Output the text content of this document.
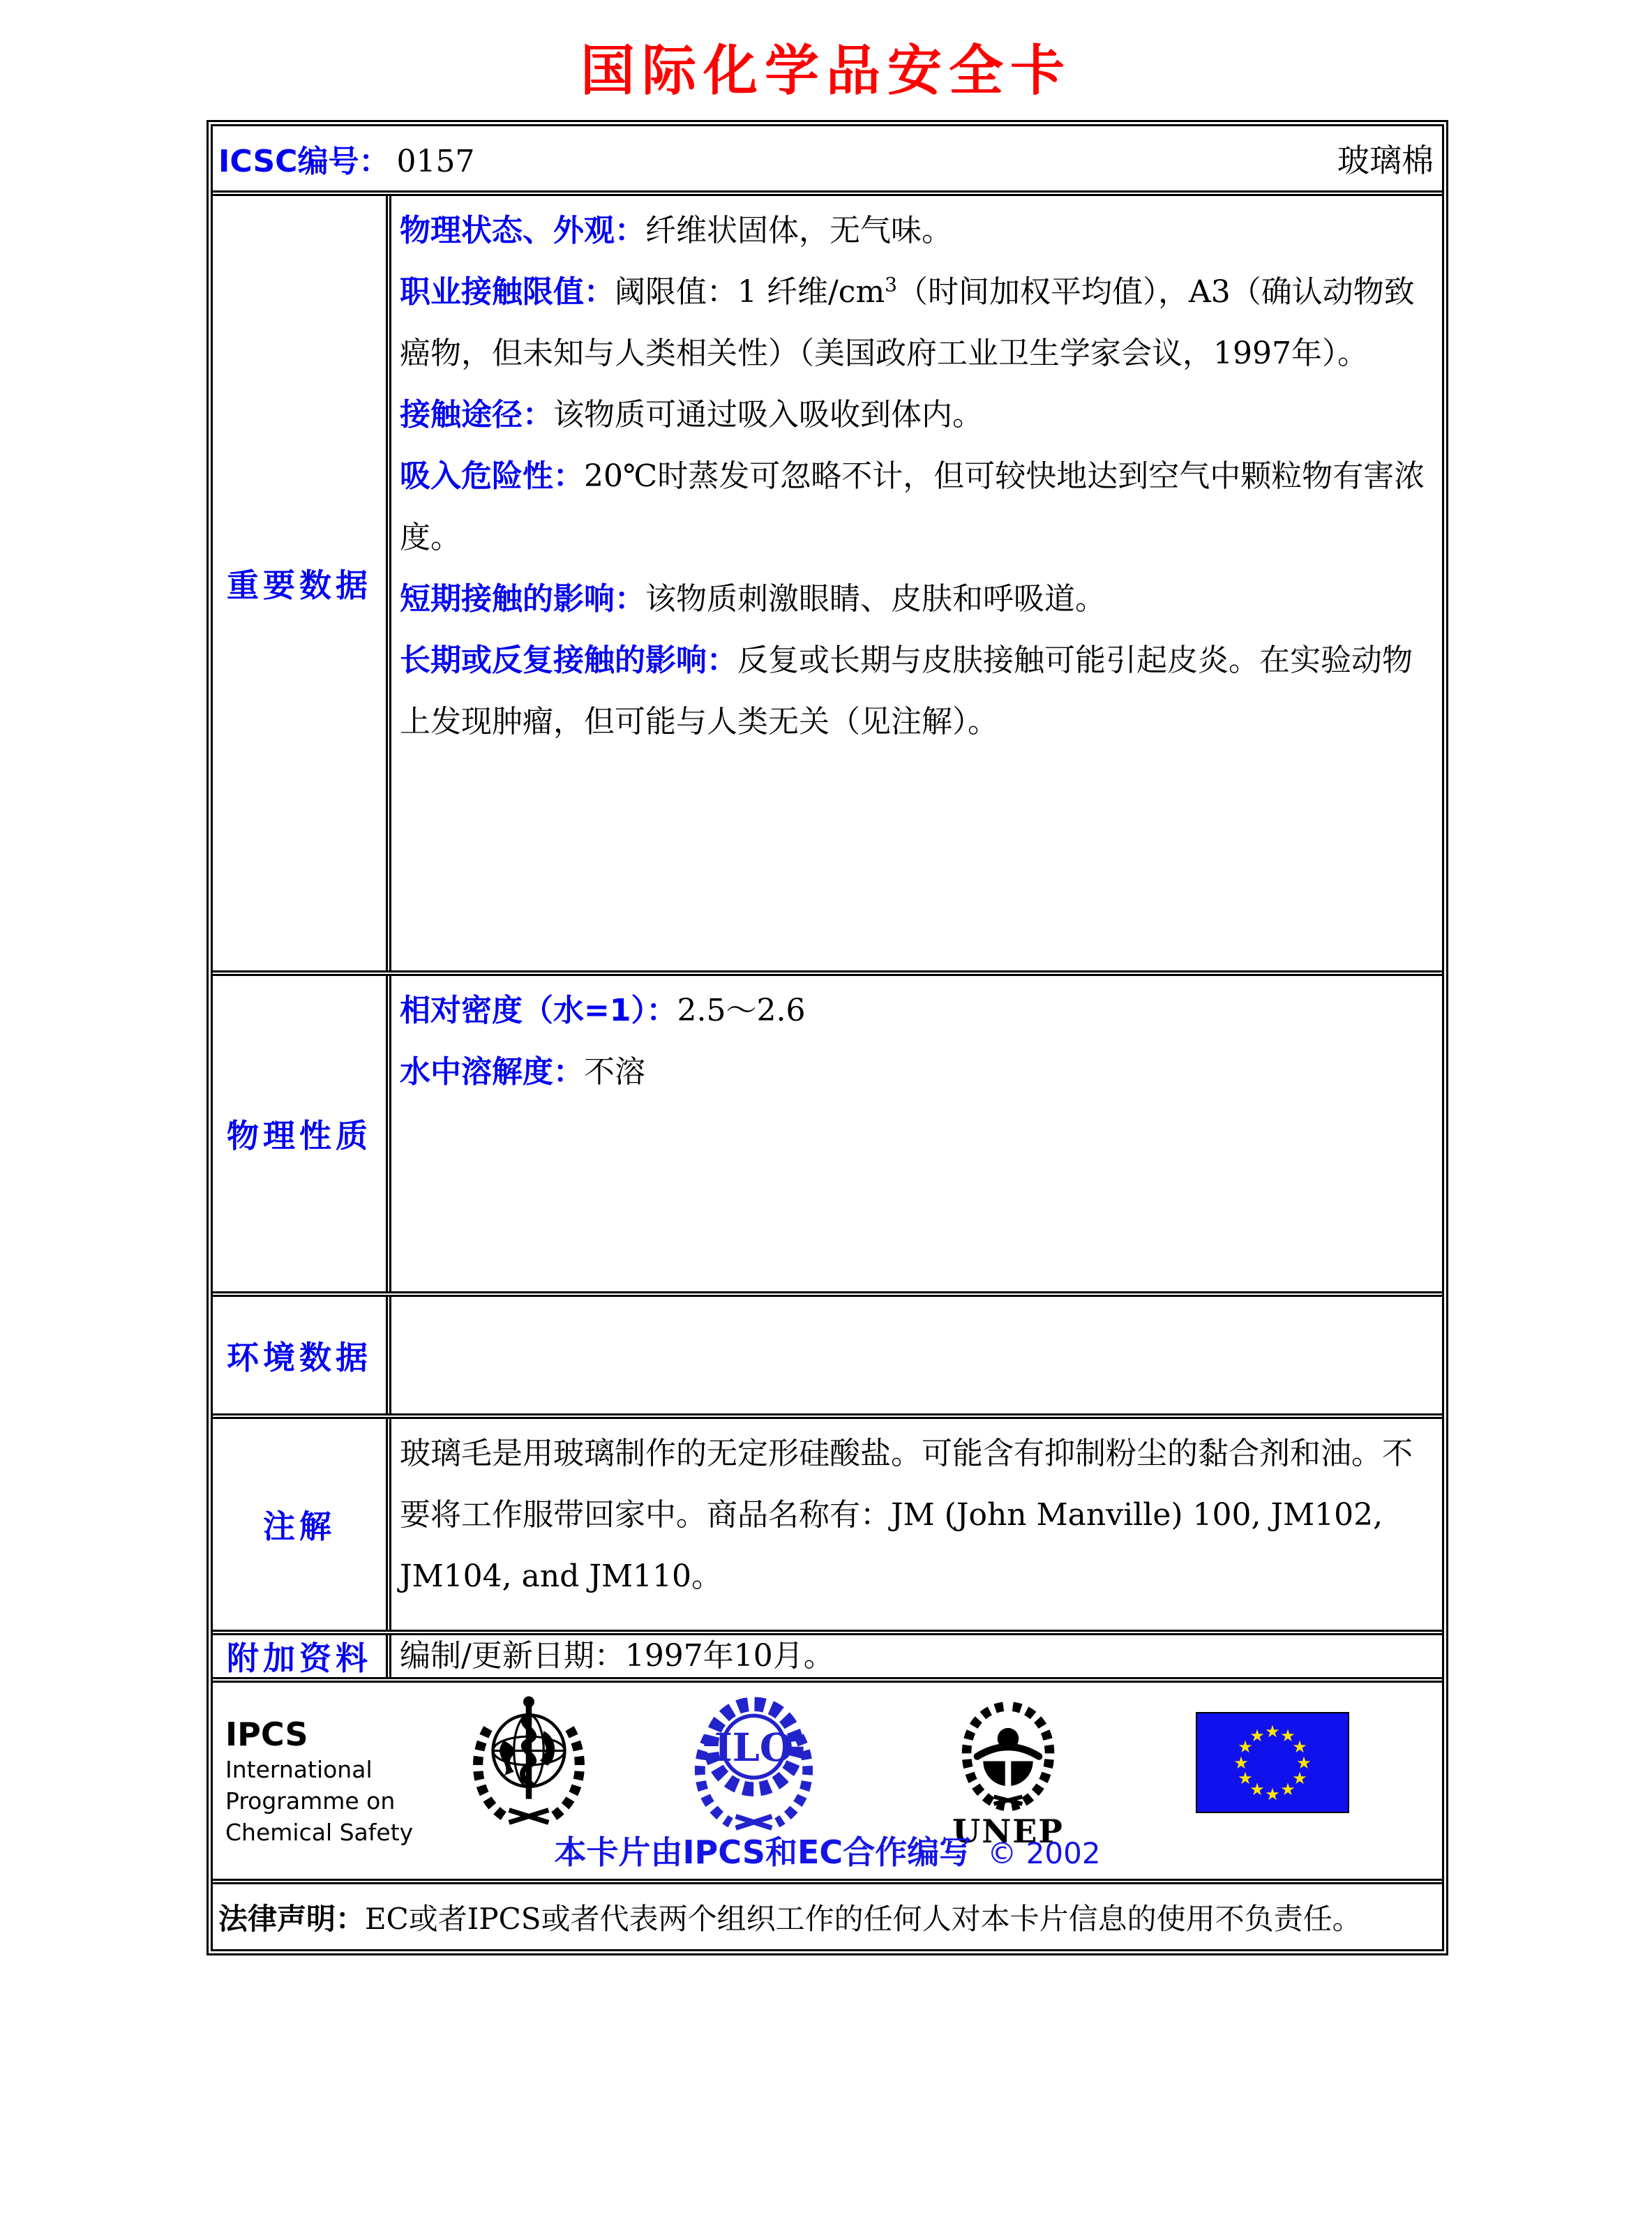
国际化学品安全卡
ICSC编号： 0157	玻璃棉
重要数据

物理状态、外观：纤维状固体，无气味。

职业接触限值：阈限值：1 纤维$/cm^3$（时间加权平均值），A3（确认动物致癌物，但未知与人类相关性）（美国政府工业卫生学家会议，1997年）。

接触途径：该物质可通过吸入吸收到体内。

吸入危险性：20℃时蒸发可忽略不计，但可较快地达到空气中颗粒物有害浓度。

短期接触的影响：该物质刺激眼睛、皮肤和呼吸道。

长期或反复接触的影响：反复或长期与皮肤接触可能引起皮炎。在实验动物上发现肿瘤，但可能与人类无关（见注解）。

物理性质

相对密度（水=1）：2.5～2.6

水中溶解度：不溶

环境数据
注解

玻璃毛是用玻璃制作的无定形硅酸盐。可能含有抑制粉尘的黏合剂和油。不要将工作服带回家中。商品名称有：JM (John Manville) 100, JM102, JM104, and JM110。

附加资料 编制/更新日期：1997年10月。

IPCS
International
Programme on
Chemical Safety
ILO
UNEP
★ ★
★
★
★
★
★
★
★
★
★
★
本卡片由IPCS和EC合作编写 © 2002
法律声明： EC或者IPCS或者代表两个组织工作的任何人对本卡片信息的使用不负责任。
